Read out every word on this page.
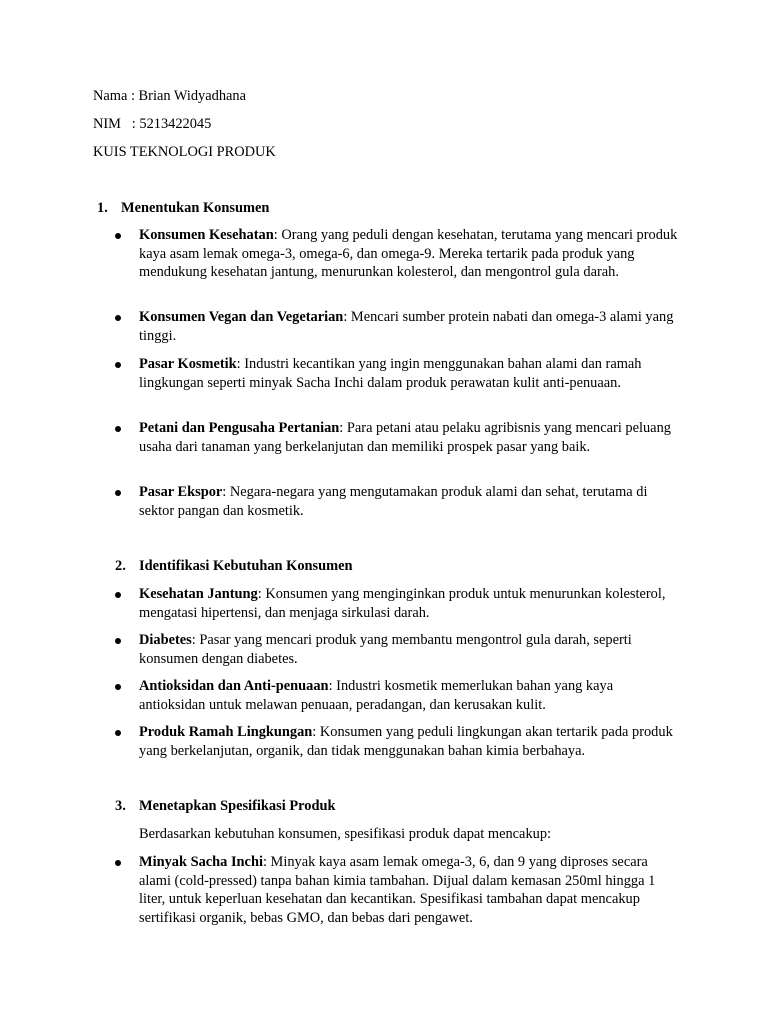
Nama : Brian Widyadhana

NIM   : 5213422045

KUIS TEKNOLOGI PRODUK

1. Menentukan Konsumen

Konsumen Kesehatan: Orang yang peduli dengan kesehatan, terutama yang mencari produk kaya asam lemak omega-3, omega-6, dan omega-9. Mereka tertarik pada produk yang mendukung kesehatan jantung, menurunkan kolesterol, dan mengontrol gula darah.

Konsumen Vegan dan Vegetarian: Mencari sumber protein nabati dan omega-3 alami yang tinggi.

Pasar Kosmetik: Industri kecantikan yang ingin menggunakan bahan alami dan ramah lingkungan seperti minyak Sacha Inchi dalam produk perawatan kulit anti-penuaan.

Petani dan Pengusaha Pertanian: Para petani atau pelaku agribisnis yang mencari peluang usaha dari tanaman yang berkelanjutan dan memiliki prospek pasar yang baik.

Pasar Ekspor: Negara-negara yang mengutamakan produk alami dan sehat, terutama di sektor pangan dan kosmetik.

2. Identifikasi Kebutuhan Konsumen

Kesehatan Jantung: Konsumen yang menginginkan produk untuk menurunkan kolesterol, mengatasi hipertensi, dan menjaga sirkulasi darah.

Diabetes: Pasar yang mencari produk yang membantu mengontrol gula darah, seperti konsumen dengan diabetes.

Antioksidan dan Anti-penuaan: Industri kosmetik memerlukan bahan yang kaya antioksidan untuk melawan penuaan, peradangan, dan kerusakan kulit.

Produk Ramah Lingkungan: Konsumen yang peduli lingkungan akan tertarik pada produk yang berkelanjutan, organik, dan tidak menggunakan bahan kimia berbahaya.

3. Menetapkan Spesifikasi Produk

Berdasarkan kebutuhan konsumen, spesifikasi produk dapat mencakup:

Minyak Sacha Inchi: Minyak kaya asam lemak omega-3, 6, dan 9 yang diproses secara alami (cold-pressed) tanpa bahan kimia tambahan. Dijual dalam kemasan 250ml hingga 1 liter, untuk keperluan kesehatan dan kecantikan. Spesifikasi tambahan dapat mencakup sertifikasi organik, bebas GMO, dan bebas dari pengawet.
